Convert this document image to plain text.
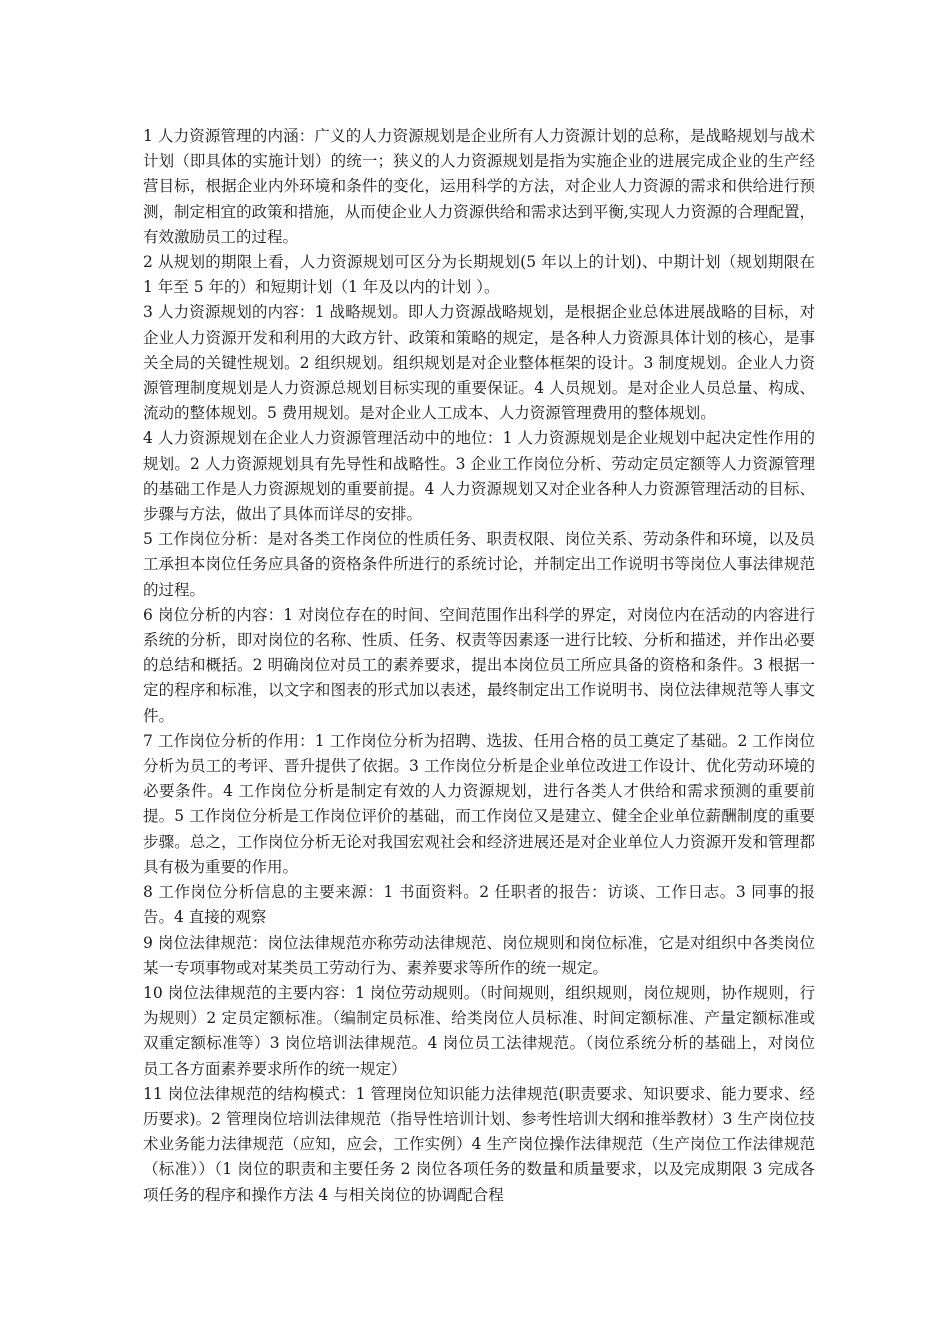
1 人力资源管理的内涵：广义的人力资源规划是企业所有人力资源计划的总称，是战略规划与战术计划（即具体的实施计划）的统一；狭义的人力资源规划是指为实施企业的进展完成企业的生产经营目标，根据企业内外环境和条件的变化，运用科学的方法，对企业人力资源的需求和供给进行预测，制定相宜的政策和措施，从而使企业人力资源供给和需求达到平衡,实现人力资源的合理配置，有效激励员工的过程。

2 从规划的期限上看，人力资源规划可区分为长期规划(5 年以上的计划)、中期计划（规划期限在 1 年至 5 年的）和短期计划（1 年及以内的计划 ）。

3 人力资源规划的内容：1 战略规划。即人力资源战略规划，是根据企业总体进展战略的目标，对企业人力资源开发和利用的大政方针、政策和策略的规定，是各种人力资源具体计划的核心，是事关全局的关键性规划。2 组织规划。组织规划是对企业整体框架的设计。3 制度规划。企业人力资源管理制度规划是人力资源总规划目标实现的重要保证。4 人员规划。是对企业人员总量、构成、流动的整体规划。5 费用规划。是对企业人工成本、人力资源管理费用的整体规划。

4 人力资源规划在企业人力资源管理活动中的地位：1 人力资源规划是企业规划中起决定性作用的规划。2 人力资源规划具有先导性和战略性。3 企业工作岗位分析、劳动定员定额等人力资源管理的基础工作是人力资源规划的重要前提。4 人力资源规划又对企业各种人力资源管理活动的目标、步骤与方法，做出了具体而详尽的安排。

5 工作岗位分析：是对各类工作岗位的性质任务、职责权限、岗位关系、劳动条件和环境，以及员工承担本岗位任务应具备的资格条件所进行的系统讨论，并制定出工作说明书等岗位人事法律规范的过程。

6 岗位分析的内容：1 对岗位存在的时间、空间范围作出科学的界定，对岗位内在活动的内容进行系统的分析，即对岗位的名称、性质、任务、权责等因素逐一进行比较、分析和描述，并作出必要的总结和概括。2 明确岗位对员工的素养要求，提出本岗位员工所应具备的资格和条件。3 根据一定的程序和标准，以文字和图表的形式加以表述，最终制定出工作说明书、岗位法律规范等人事文件。

7 工作岗位分析的作用：1 工作岗位分析为招聘、选拔、任用合格的员工奠定了基础。2 工作岗位分析为员工的考评、晋升提供了依据。3 工作岗位分析是企业单位改进工作设计、优化劳动环境的必要条件。4 工作岗位分析是制定有效的人力资源规划，进行各类人才供给和需求预测的重要前提。5 工作岗位分析是工作岗位评价的基础，而工作岗位又是建立、健全企业单位薪酬制度的重要步骤。总之，工作岗位分析无论对我国宏观社会和经济进展还是对企业单位人力资源开发和管理都具有极为重要的作用。

8 工作岗位分析信息的主要来源：1 书面资料。2 任职者的报告：访谈、工作日志。3 同事的报告。4 直接的观察

9 岗位法律规范：岗位法律规范亦称劳动法律规范、岗位规则和岗位标准，它是对组织中各类岗位某一专项事物或对某类员工劳动行为、素养要求等所作的统一规定。

10 岗位法律规范的主要内容：1 岗位劳动规则。（时间规则，组织规则，岗位规则，协作规则，行为规则）2 定员定额标准。（编制定员标准、给类岗位人员标准、时间定额标准、产量定额标准或双重定额标准等）3 岗位培训法律规范。4 岗位员工法律规范。（岗位系统分析的基础上，对岗位员工各方面素养要求所作的统一规定）

11 岗位法律规范的结构模式：1 管理岗位知识能力法律规范(职责要求、知识要求、能力要求、经历要求)。2 管理岗位培训法律规范（指导性培训计划、参考性培训大纲和推举教材）3 生产岗位技术业务能力法律规范（应知，应会，工作实例）4 生产岗位操作法律规范（生产岗位工作法律规范（标准））（1 岗位的职责和主要任务 2 岗位各项任务的数量和质量要求，以及完成期限 3 完成各项任务的程序和操作方法 4 与相关岗位的协调配合程
